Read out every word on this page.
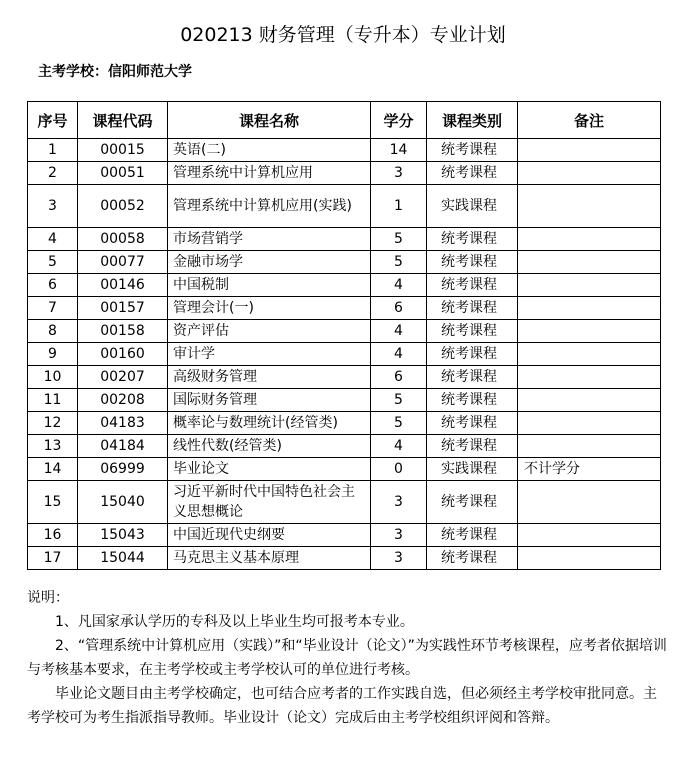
020213 财务管理（专升本）专业计划
主考学校：信阳师范大学
序号	课程代码	课程名称	学分	课程类别	备注
1	00015	英语(二)	14	统考课程	
2	00051	管理系统中计算机应用	3	统考课程	
3	00052	管理系统中计算机应用(实践)	1	实践课程	
4	00058	市场营销学	5	统考课程	
5	00077	金融市场学	5	统考课程	
6	00146	中国税制	4	统考课程	
7	00157	管理会计(一)	6	统考课程	
8	00158	资产评估	4	统考课程	
9	00160	审计学	4	统考课程	
10	00207	高级财务管理	6	统考课程	
11	00208	国际财务管理	5	统考课程	
12	04183	概率论与数理统计(经管类)	5	统考课程	
13	04184	线性代数(经管类)	4	统考课程	
14	06999	毕业论文	0	实践课程	不计学分
15	15040	习近平新时代中国特色社会主义思想概论	3	统考课程	
16	15043	中国近现代史纲要	3	统考课程	
17	15044	马克思主义基本原理	3	统考课程	

说明：

1、凡国家承认学历的专科及以上毕业生均可报考本专业。

2、“管理系统中计算机应用（实践）”和“毕业设计（论文）”为实践性环节考核课程，应考者依据培训与考核基本要求，在主考学校或主考学校认可的单位进行考核。

毕业论文题目由主考学校确定，也可结合应考者的工作实践自选，但必须经主考学校审批同意。主考学校可为考生指派指导教师。毕业设计（论文）完成后由主考学校组织评阅和答辩。
